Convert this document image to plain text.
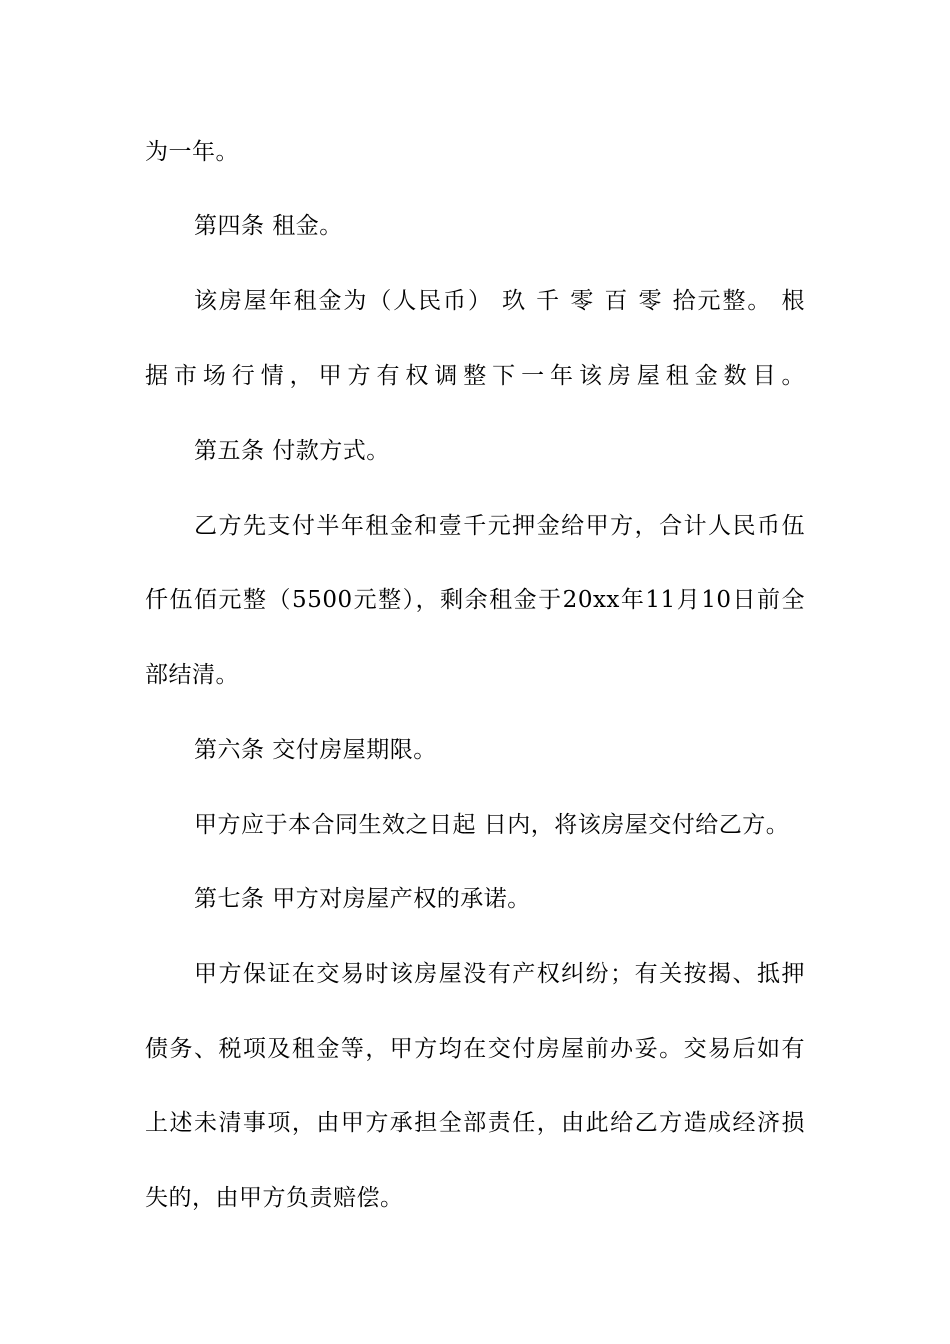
为一年。
第四条 租金。
该房屋年租金为（人民币） 玖 千 零 百 零 拾元整。 根
据市场行情，甲方有权调整下一年该房屋租金数目。
第五条 付款方式。
乙方先支付半年租金和壹千元押金给甲方，合计人民币伍
仟伍佰元整（5500元整），剩余租金于20xx年11月10日前全
部结清。
第六条 交付房屋期限。
甲方应于本合同生效之日起 日内，将该房屋交付给乙方。
第七条 甲方对房屋产权的承诺。
甲方保证在交易时该房屋没有产权纠纷；有关按揭、抵押
债务、税项及租金等，甲方均在交付房屋前办妥。交易后如有
上述未清事项，由甲方承担全部责任，由此给乙方造成经济损
失的，由甲方负责赔偿。
